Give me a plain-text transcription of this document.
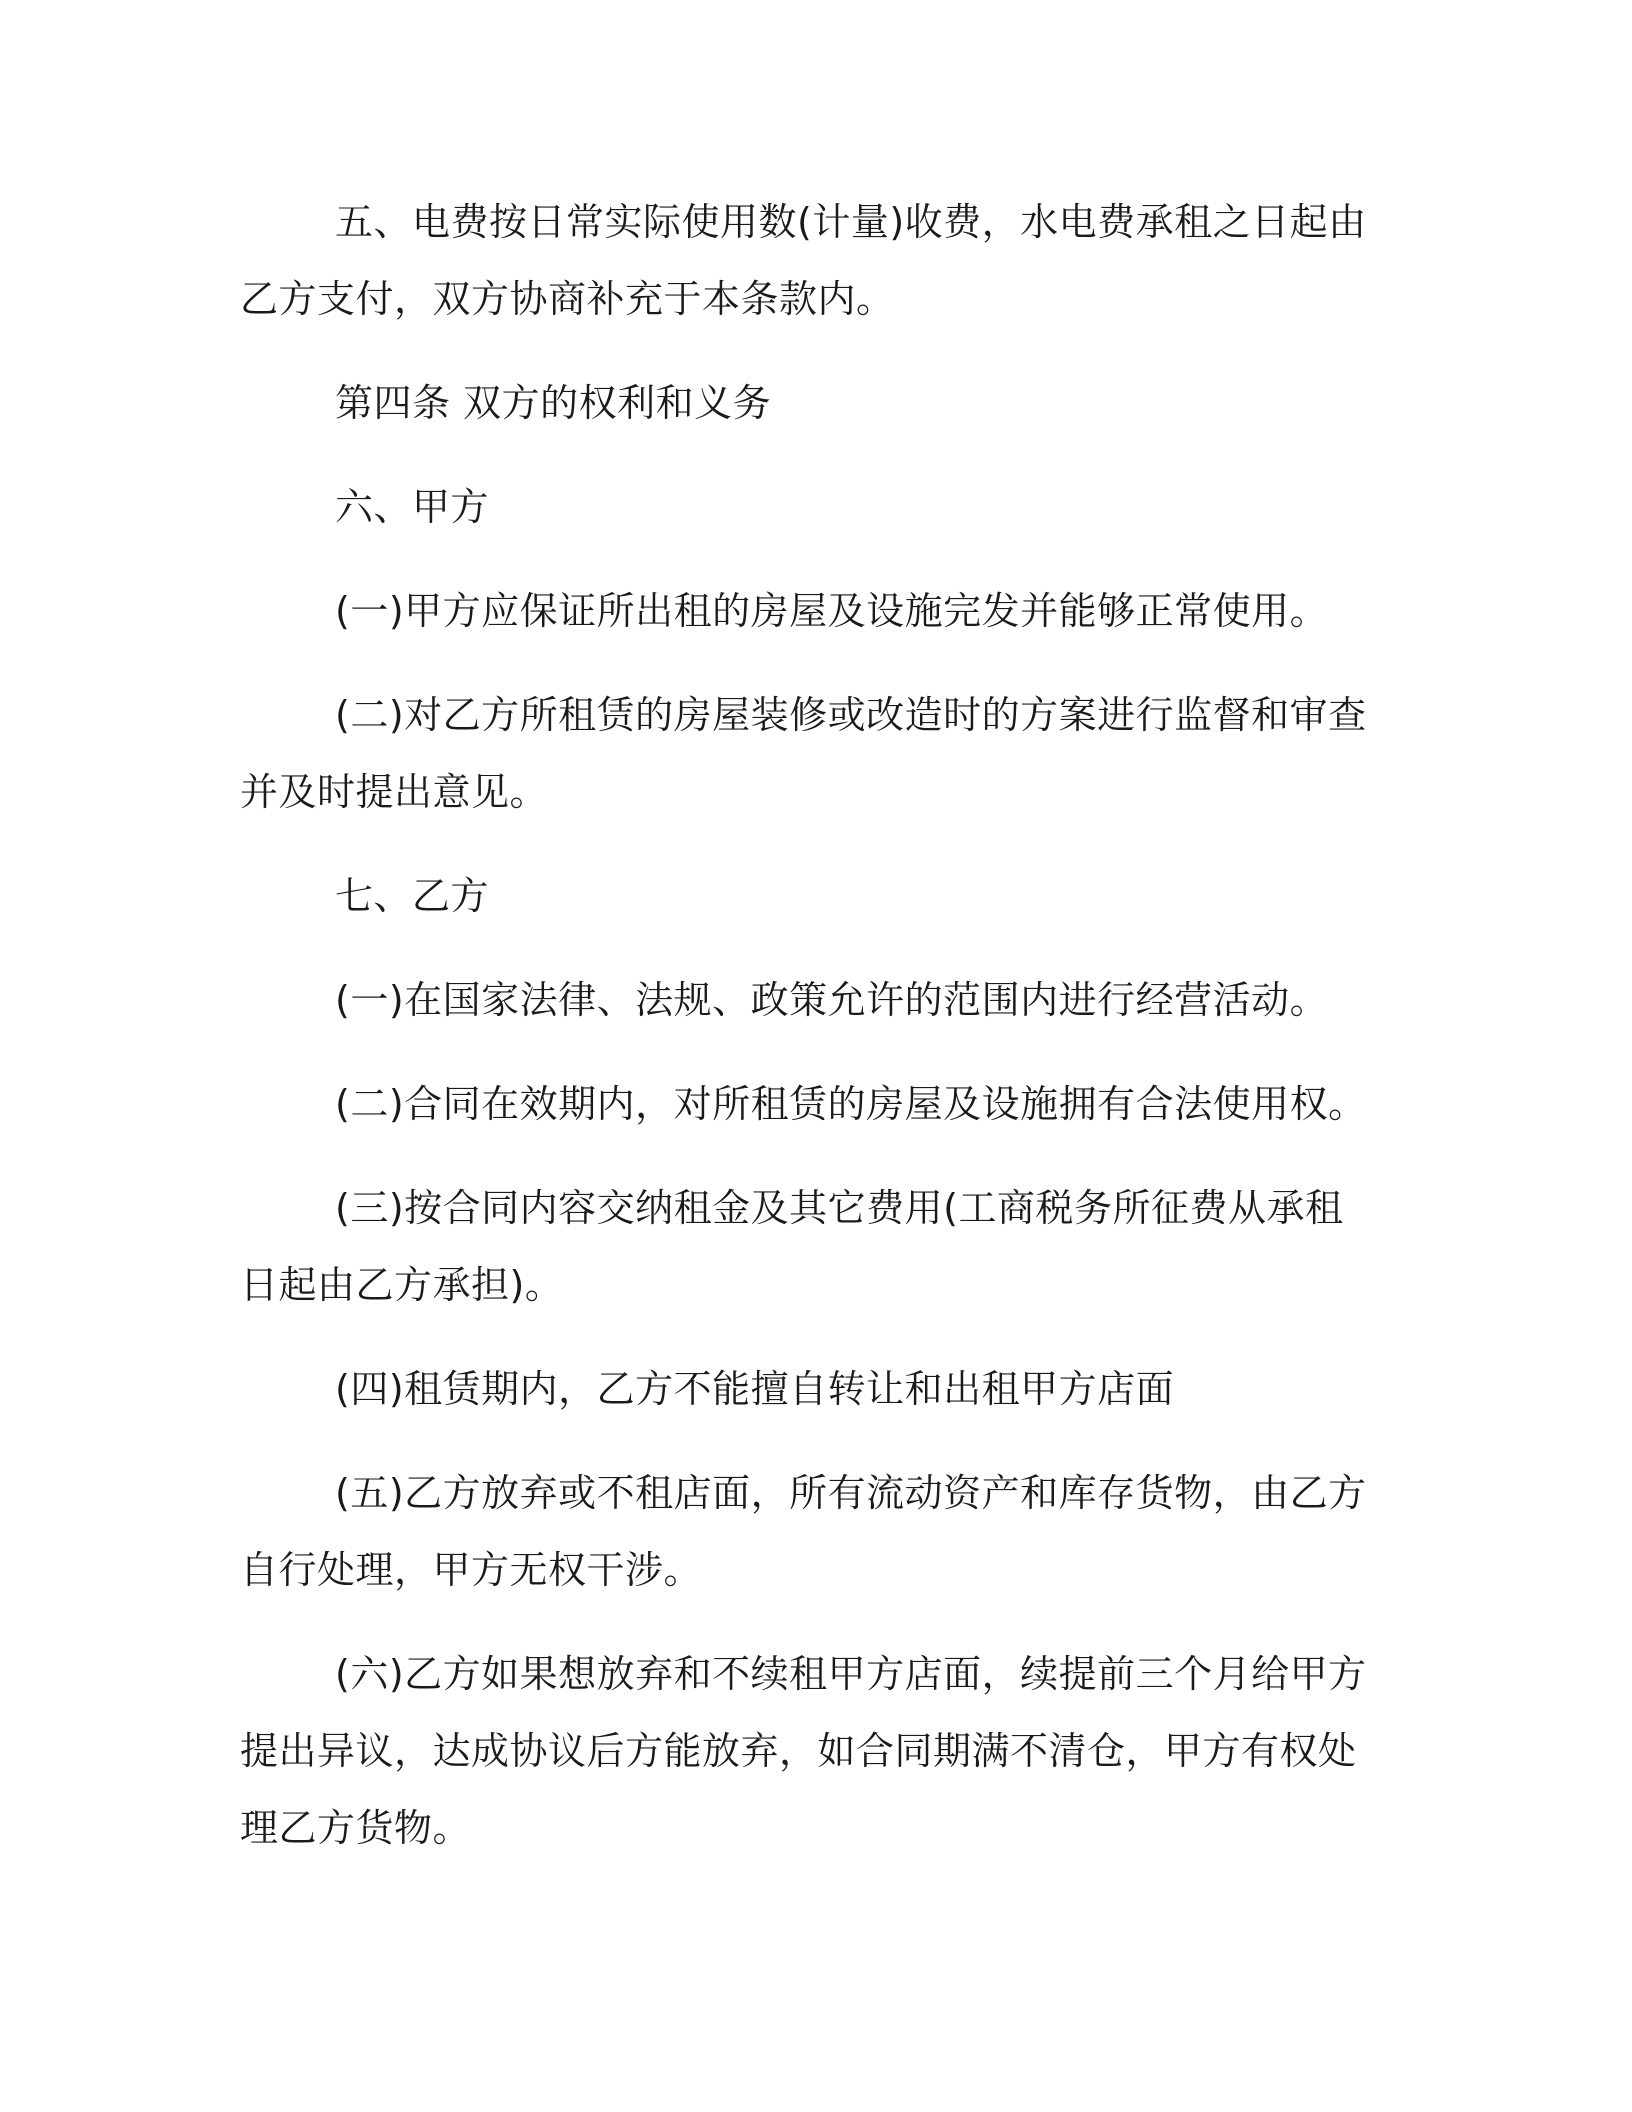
五、电费按日常实际使用数(计量)收费，水电费承租之日起由乙方支付，双方协商补充于本条款内。

第四条 双方的权利和义务

六、甲方

(一)甲方应保证所出租的房屋及设施完发并能够正常使用。

(二)对乙方所租赁的房屋装修或改造时的方案进行监督和审查并及时提出意见。

七、乙方

(一)在国家法律、法规、政策允许的范围内进行经营活动。

(二)合同在效期内，对所租赁的房屋及设施拥有合法使用权。

(三)按合同内容交纳租金及其它费用(工商税务所征费从承租日起由乙方承担)。

(四)租赁期内，乙方不能擅自转让和出租甲方店面

(五)乙方放弃或不租店面，所有流动资产和库存货物，由乙方自行处理，甲方无权干涉。

(六)乙方如果想放弃和不续租甲方店面，续提前三个月给甲方提出异议，达成协议后方能放弃，如合同期满不清仓，甲方有权处理乙方货物。
